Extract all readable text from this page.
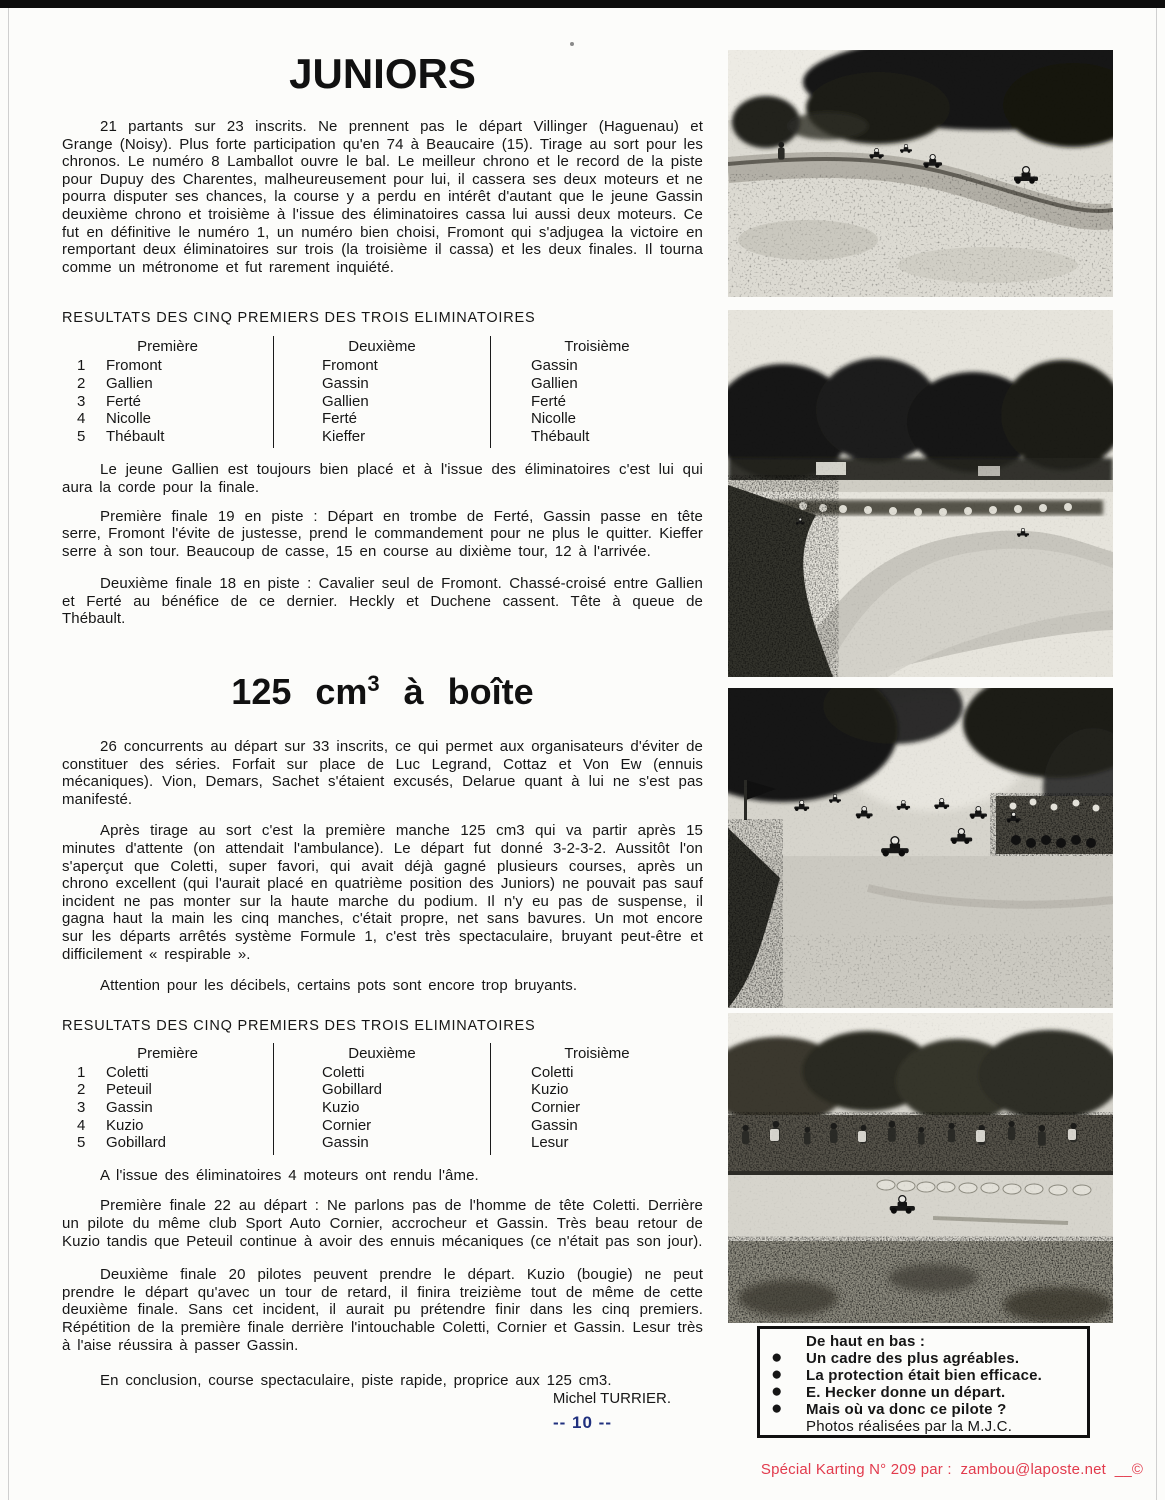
JUNIORS

21 partants sur 23 inscrits. Ne prennent pas le départ Villinger (Haguenau) et Grange (Noisy). Plus forte participation qu'en 74 à Beaucaire (15). Tirage au sort pour les chronos. Le numéro 8 Lamballot ouvre le bal. Le meilleur chrono et le record de la piste pour Dupuy des Charentes, malheureusement pour lui, il cassera ses deux moteurs et ne pourra disputer ses chances, la course y a perdu en intérêt d'autant que le jeune Gassin deuxième chrono et troisième à l'issue des éliminatoires cassa lui aussi deux moteurs. Ce fut en définitive le numéro 1, un numéro bien choisi, Fromont qui s'adjugea la victoire en remportant deux éliminatoires sur trois (la troisième il cassa) et les deux finales. Il tourna comme un métronome et fut rarement inquiété.

RESULTATS DES CINQ PREMIERS DES TROIS ELIMINATOIRES

Première
1 Fromont
2 Gallien
3 Ferté
4 Nicolle
5 Thébault
Deuxième
Fromont
Gassin
Gallien
Ferté
Kieffer
Troisième
Gassin
Gallien
Ferté
Nicolle
Thébault

Le jeune Gallien est toujours bien placé et à l'issue des éliminatoires c'est lui qui aura la corde pour la finale.

Première finale 19 en piste : Départ en trombe de Ferté, Gassin passe en tête serre, Fromont l'évite de justesse, prend le commandement pour ne plus le quitter. Kieffer serre à son tour. Beaucoup de casse, 15 en course au dixième tour, 12 à l'arrivée.

Deuxième finale 18 en piste : Cavalier seul de Fromont. Chassé-croisé entre Gallien et Ferté au bénéfice de ce dernier. Heckly et Duchene cassent. Tête à queue de Thébault.

125 $cm^3$ à boîte

26 concurrents au départ sur 33 inscrits, ce qui permet aux organisateurs d'éviter de constituer des séries. Forfait sur place de Luc Legrand, Cottaz et Von Ew (ennuis mécaniques). Vion, Demars, Sachet s'étaient excusés, Delarue quant à lui ne s'est pas manifesté.

Après tirage au sort c'est la première manche 125 cm3 qui va partir après 15 minutes d'attente (on attendait l'ambulance). Le départ fut donné 3-2-3-2. Aussitôt l'on s'aperçut que Coletti, super favori, qui avait déjà gagné plusieurs courses, après un chrono excellent (qui l'aurait placé en quatrième position des Juniors) ne pouvait pas sauf incident ne pas monter sur la haute marche du podium. Il n'y eu pas de suspense, il gagna haut la main les cinq manches, c'était propre, net sans bavures. Un mot encore sur les départs arrêtés système Formule 1, c'est très spectaculaire, bruyant peut-être et difficilement « respirable ».

Attention pour les décibels, certains pots sont encore trop bruyants.

RESULTATS DES CINQ PREMIERS DES TROIS ELIMINATOIRES

Première
1 Coletti
2 Peteuil
3 Gassin
4 Kuzio
5 Gobillard
Deuxième
Coletti
Gobillard
Kuzio
Cornier
Gassin
Troisième
Coletti
Kuzio
Cornier
Gassin
Lesur

A l'issue des éliminatoires 4 moteurs ont rendu l'âme.

Première finale 22 au départ : Ne parlons pas de l'homme de tête Coletti. Derrière un pilote du même club Sport Auto Cornier, accrocheur et Gassin. Très beau retour de Kuzio tandis que Peteuil continue à avoir des ennuis mécaniques (ce n'était pas son jour).

Deuxième finale 20 pilotes peuvent prendre le départ. Kuzio (bougie) ne peut prendre le départ qu'avec un tour de retard, il finira treizième tout de même de cette deuxième finale. Sans cet incident, il aurait pu prétendre finir dans les cinq premiers. Répétition de la première finale derrière l'intouchable Coletti, Cornier et Gassin. Lesur très à l'aise réussira à passer Gassin.

En conclusion, course spectaculaire, piste rapide, proprice aux 125 cm3.

Michel TURRIER.

-- 10 --

De haut en bas :
● Un cadre des plus agréables.
● La protection était bien efficace.
● E. Hecker donne un départ.
● Mais où va donc ce pilote ?
Photos réalisées par la M.J.C.
Spécial Karting N° 209 par :  zambou@laposte.net  __©
